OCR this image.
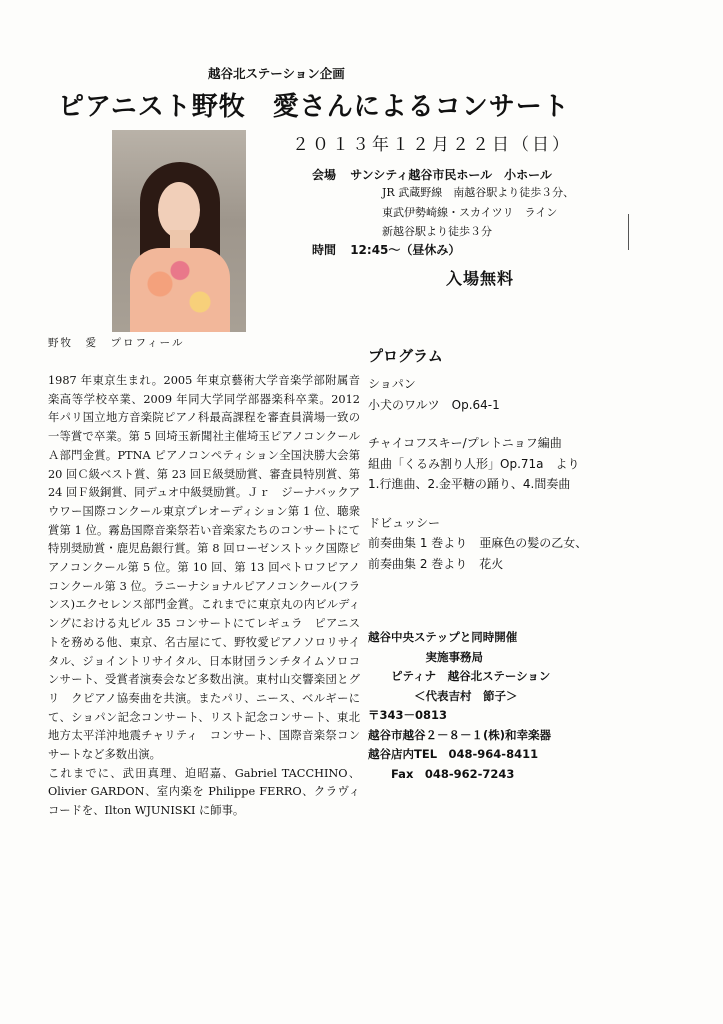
越谷北ステーション企画
ピアニスト野牧　愛さんによるコンサート
２０１３年１２月２２日（日）
会場 サンシティ越谷市民ホール　小ホール
JR 武蔵野線　南越谷駅より徒歩３分、
東武伊勢崎線・スカイツリ　ライン
新越谷駅より徒歩３分
時間 12:45～（昼休み）
入場無料
野牧　愛　プロフィール

1987 年東京生まれ。2005 年東京藝術大学音楽学部附属音楽高等学校卒業、2009 年同大学同学部器楽科卒業。2012 年パリ国立地方音楽院ピアノ科最高課程を審査員満場一致の一等賞で卒業。第 5 回埼玉新聞社主催埼玉ピアノコンクールＡ部門金賞。PTNA ピアノコンペティション全国決勝大会第 20 回Ｃ級ベスト賞、第 23 回Ｅ級奨励賞、審査員特別賞、第 24 回Ｆ級銅賞、同デュオ中級奨励賞。Ｊｒ　ジーナバックアウワー国際コンクール東京プレオーディション第 1 位、聴衆賞第 1 位。霧島国際音楽祭若い音楽家たちのコンサートにて特別奨励賞・鹿児島銀行賞。第 8 回ローゼンストック国際ピアノコンクール第 5 位。第 10 回、第 13 回ペトロフピアノコンクール第 3 位。ラニーナショナルピアノコンクール(フランス)エクセレンス部門金賞。これまでに東京丸の内ビルディングにおける丸ビル 35 コンサートにてレギュラ　ピアニストを務める他、東京、名古屋にて、野牧愛ピアノソロリサイタル、ジョイントリサイタル、日本財団ランチタイムソロコンサート、受賞者演奏会など多数出演。東村山交響楽団とグリ　クピアノ協奏曲を共演。またパリ、ニース、ベルギーにて、ショパン記念コンサート、リスト記念コンサート、東北地方太平洋沖地震チャリティ　コンサート、国際音楽祭コンサートなど多数出演。

これまでに、武田真理、迫昭嘉、Gabriel TACCHINO、Olivier GARDON、室内楽を Philippe FERRO、クラヴィコードを、Ilton WJUNISKI に師事。

プログラム
ショパン
小犬のワルツ　Op.64-1
チャイコフスキー/プレトニョフ編曲
組曲「くるみ割り人形」Op.71a　より
1.行進曲、2.金平糖の踊り、4.間奏曲
ドビュッシー
前奏曲集 1 巻より　亜麻色の髪の乙女、
前奏曲集 2 巻より　花火
越谷中央ステップと同時開催
　　　　　実施事務局
　　ピティナ　越谷北ステーション
　　　　＜代表吉村　節子＞
〒343－0813
越谷市越谷２－８－１(株)和幸楽器
越谷店内TEL　048-964-8411
　　Fax　048-962-7243
